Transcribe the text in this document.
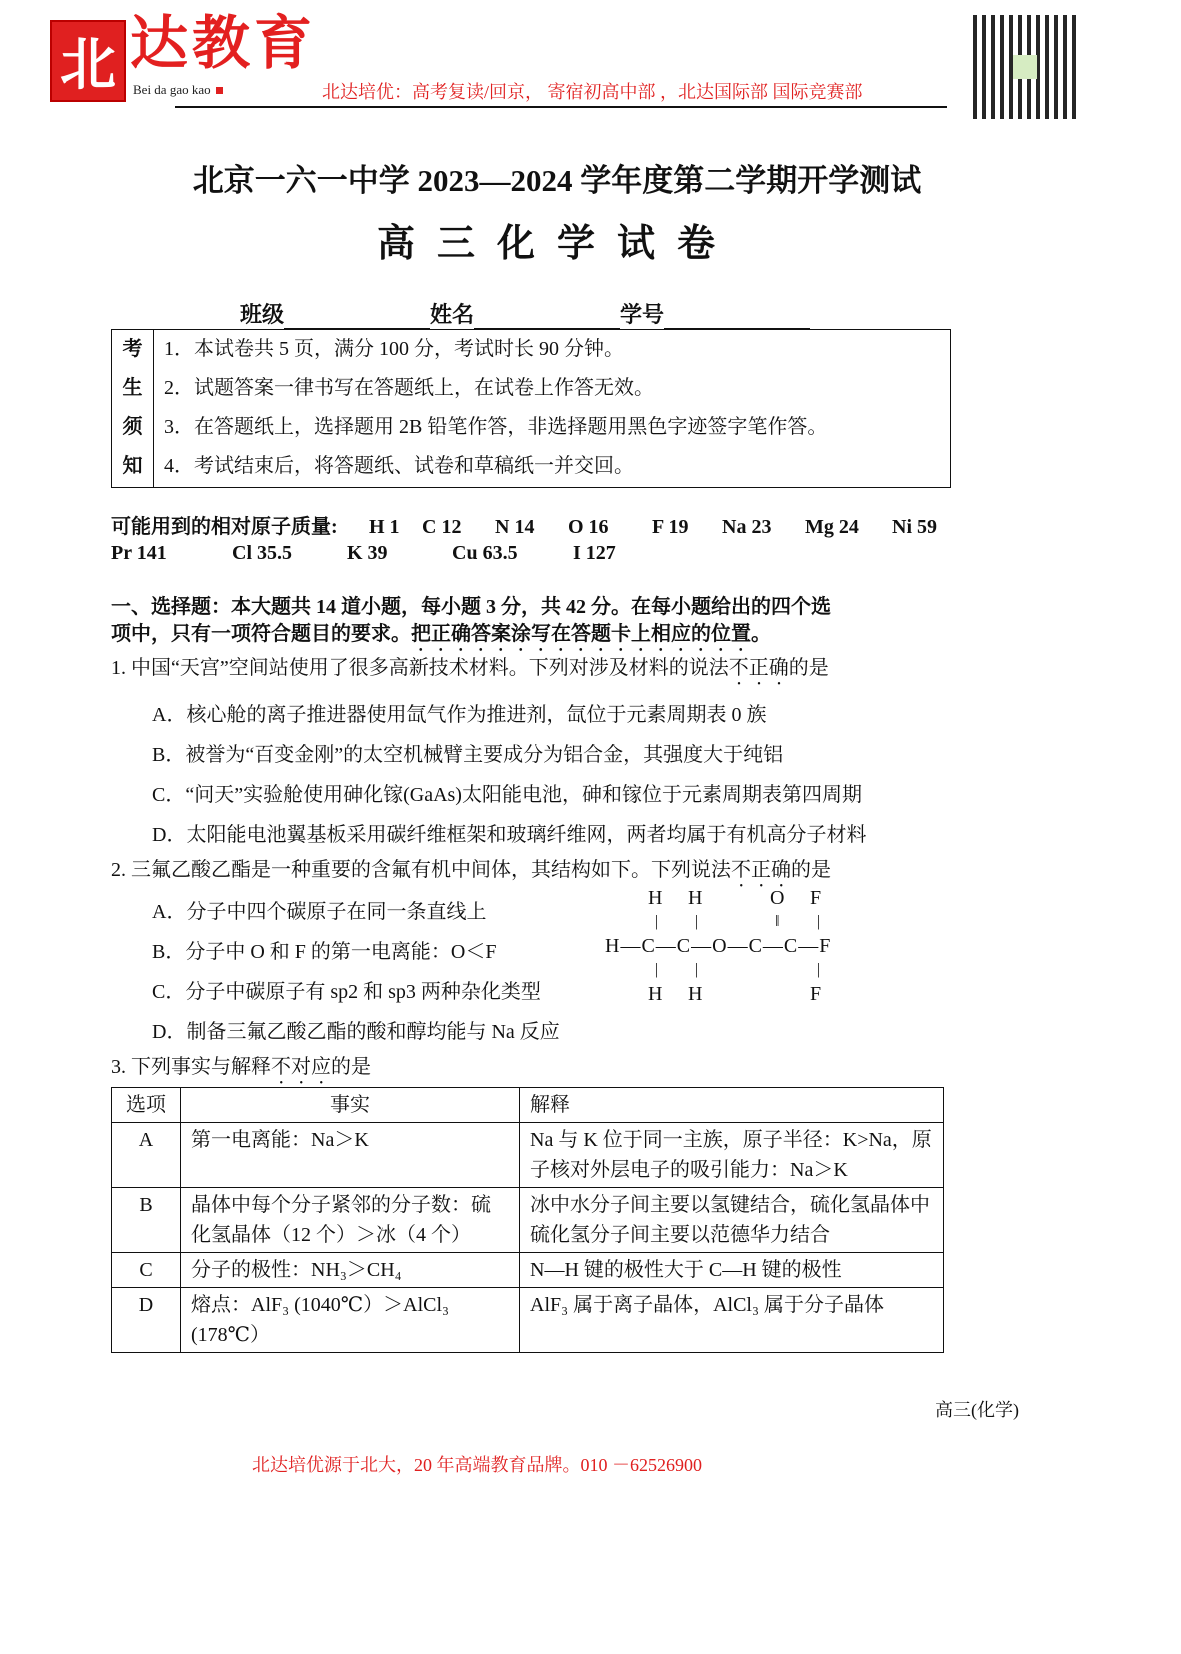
北 达教育
Bei da gao kao	北达培优：高考复读/回京， 寄宿初高中部 ，北达国际部 国际竞赛部
北京一六一中学 2023—2024 学年度第二学期开学测试
高三化学试卷
班级	姓名	学号
考	1．本试卷共 5 页，满分 100 分，考试时长 90 分钟。
生	2．试题答案一律书写在答题纸上，在试卷上作答无效。
须	3．在答题纸上，选择题用 2B 铅笔作答，非选择题用黑色字迹签字笔作答。
知	4．考试结束后，将答题纸、试卷和草稿纸一并交回。
可能用到的相对原子质量: H 1 C 12 N 14 O 16 F 19 Na 23 Mg 24 Ni 59
Pr 141	Cl 35.5	K 39	Cu 63.5	I 127
一、选择题：本大题共 14 道小题，每小题 3 分，共 42 分。在每小题给出的四个选
项中，只有一项符合题目的要求。把正确答案涂写在答题卡上相应的位置。
1. 中国“天宫”空间站使用了很多高新技术材料。下列对涉及材料的说法不正确的是
A．核心舱的离子推进器使用氙气作为推进剂，氙位于元素周期表 0 族
B．被誉为“百变金刚”的太空机械臂主要成分为铝合金，其强度大于纯铝
C．“问天”实验舱使用砷化镓(GaAs)太阳能电池，砷和镓位于元素周期表第四周期
D．太阳能电池翼基板采用碳纤维框架和玻璃纤维网，两者均属于有机高分子材料
2. 三氟乙酸乙酯是一种重要的含氟有机中间体，其结构如下。下列说法不正确的是
A．分子中四个碳原子在同一条直线上
B．分子中 O 和 F 的第一电离能：O＜F
C．分子中碳原子有 sp2 和 sp3 两种杂化类型
D．制备三氟乙酸乙酯的酸和醇均能与 Na 反应
H H	O F
| |	‖ |
H—C—C—O—C—C—F
| |	|
H H	F
3. 下列事实与解释不对应的是
选项	事实	解释
A	第一电离能：Na＞K	Na 与 K 位于同一主族，原子半径：K>Na，原子核对外层电子的吸引能力：Na＞K
B	晶体中每个分子紧邻的分子数：硫化氢晶体（12 个）＞冰（4 个）	冰中水分子间主要以氢键结合，硫化氢晶体中硫化氢分子间主要以范德华力结合
C	分子的极性：NH₃＞CH₄	N—H 键的极性大于 C—H 键的极性
D	熔点：AlF₃ (1040℃）＞AlCl₃ (178℃）	AlF₃ 属于离子晶体，AlCl₃ 属于分子晶体
高三(化学)
北达培优源于北大，20 年高端教育品牌。010 －62526900
